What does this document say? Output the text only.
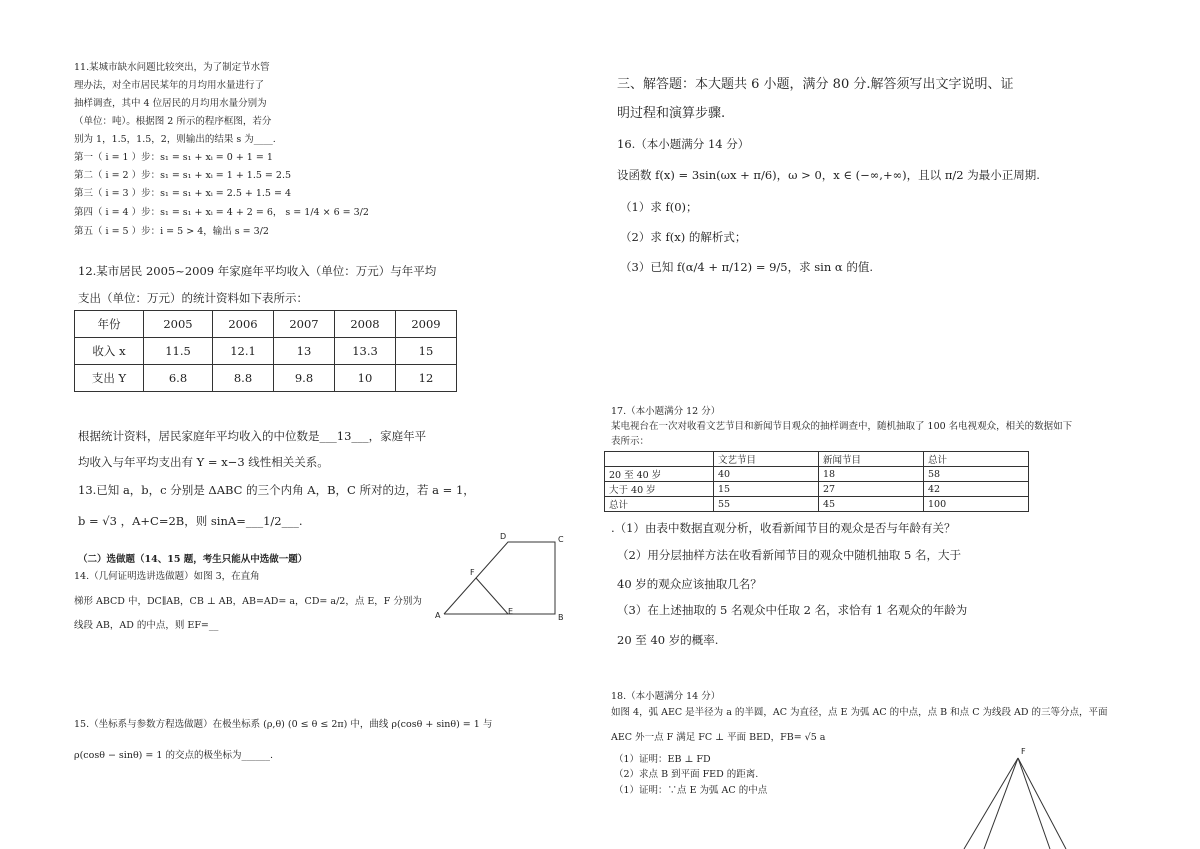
11.某城市缺水问题比较突出，为了制定节水管
理办法，对全市居民某年的月均用水量进行了
抽样调查，其中 4 位居民的月均用水量分别为
（单位：吨）。根据图 2 所示的程序框图，若分
别为 1，1.5，1.5，2，则输出的结果 s 为____.
第一（ i = 1 ）步：s₁ = s₁ + xᵢ = 0 + 1 = 1
第二（ i = 2 ）步：s₁ = s₁ + xᵢ = 1 + 1.5 = 2.5
第三（ i = 3 ）步：s₁ = s₁ + xᵢ = 2.5 + 1.5 = 4
第四（ i = 4 ）步：s₁ = s₁ + xᵢ = 4 + 2 = 6， s = 1/4 × 6 = 3/2
第五（ i = 5 ）步：i = 5 > 4，输出 s = 3/2
12.某市居民 2005~2009 年家庭年平均收入（单位：万元）与年平均
支出（单位：万元）的统计资料如下表所示：
年份	2005	2006	2007	2008	2009
收入 x	11.5	12.1	13	13.3	15
支出 Y	6.8	8.8	9.8	10	12
根据统计资料，居民家庭年平均收入的中位数是___13___，家庭年平
均收入与年平均支出有 Y = x−3 线性相关关系。
13.已知 a，b，c 分别是 ΔABC 的三个内角 A，B，C 所对的边，若 a = 1，
b = √3 ，A+C=2B，则 sinA=___1/2___.
（二）选做题（14、15 题，考生只能从中选做一题）
14.（几何证明选讲选做题）如图 3，在直角
梯形 ABCD 中，DC∥AB，CB ⊥ AB，AB=AD= a，CD= a/2，点 E，F 分别为
线段 AB，AD 的中点，则 EF=__
15.（坐标系与参数方程选做题）在极坐标系 (ρ,θ) (0 ≤ θ ≤ 2π) 中，曲线 ρ(cosθ + sinθ) = 1 与
ρ(cosθ − sinθ) = 1 的交点的极坐标为______.
D	C
F
A	E
B
三、解答题：本大题共 6 小题，满分 80 分.解答须写出文字说明、证
明过程和演算步骤.
16.（本小题满分 14 分）
设函数 f(x) = 3sin(ωx + π/6)，ω > 0，x ∈ (−∞,+∞)，且以 π/2 为最小正周期.
（1）求 f(0)；
（2）求 f(x) 的解析式；
（3）已知 f(α/4 + π/12) = 9/5，求 sin α 的值.
17.（本小题满分 12 分）
某电视台在一次对收看文艺节目和新闻节目观众的抽样调查中，随机抽取了 100 名电视观众，相关的数据如下
表所示：
	文艺节目	新闻节目	总计
20 至 40 岁	40	18	58
大于 40 岁	15	27	42
总计	55	45	100
.（1）由表中数据直观分析，收看新闻节目的观众是否与年龄有关？
（2）用分层抽样方法在收看新闻节目的观众中随机抽取 5 名，大于
40 岁的观众应该抽取几名？
（3）在上述抽取的 5 名观众中任取 2 名，求恰有 1 名观众的年龄为
20 至 40 岁的概率.
18.（本小题满分 14 分）
如图 4，弧 AEC 是半径为 a 的半圆，AC 为直径，点 E 为弧 AC 的中点，点 B 和点 C 为线段 AD 的三等分点，平面
AEC 外一点 F 满足 FC ⊥ 平面 BED，FB= √5 a
（1）证明：EB ⊥ FD
（2）求点 B 到平面 FED 的距离.
（1）证明：∵点 E 为弧 AC 的中点
F
